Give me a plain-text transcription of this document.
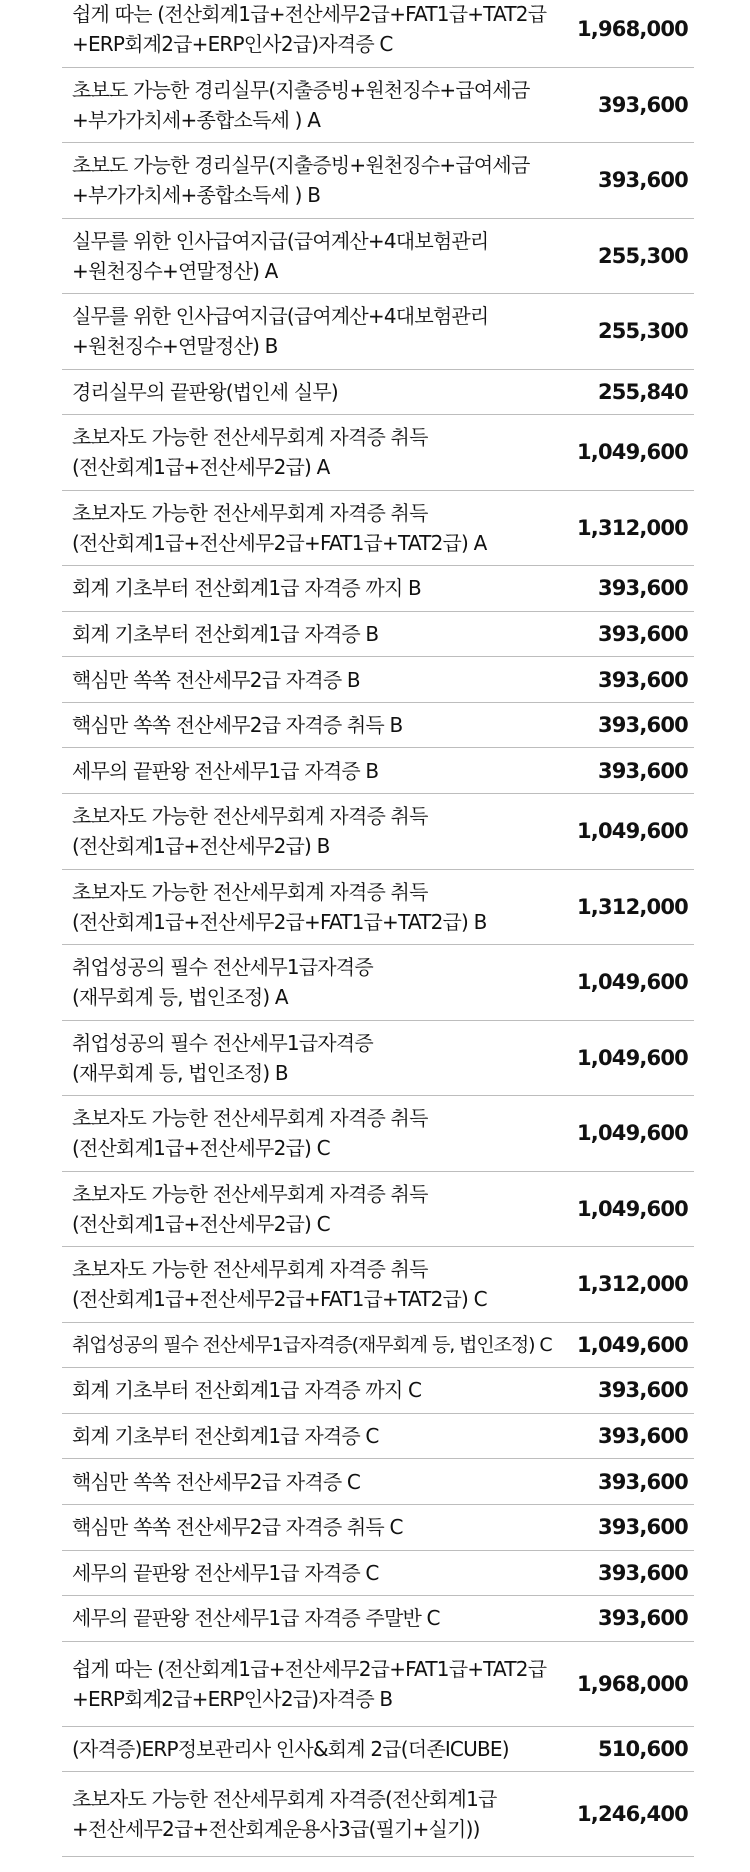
쉽게 따는 (전산회계1급+전산세무2급+FAT1급+TAT2급
+ERP회계2급+ERP인사2급)자격증 C
1,968,000
초보도 가능한 경리실무(지출증빙+원천징수+급여세금
+부가가치세+종합소득세 ) A
393,600
초보도 가능한 경리실무(지출증빙+원천징수+급여세금
+부가가치세+종합소득세 ) B
393,600
실무를 위한 인사급여지급(급여계산+4대보험관리
+원천징수+연말정산) A
255,300
실무를 위한 인사급여지급(급여계산+4대보험관리
+원천징수+연말정산) B
255,300
경리실무의 끝판왕(법인세 실무)	255,840
초보자도 가능한 전산세무회계 자격증 취득
(전산회계1급+전산세무2급) A
1,049,600
초보자도 가능한 전산세무회계 자격증 취득
(전산회계1급+전산세무2급+FAT1급+TAT2급) A
1,312,000
회계 기초부터 전산회계1급 자격증 까지 B	393,600
회계 기초부터 전산회계1급 자격증 B	393,600
핵심만 쏙쏙 전산세무2급 자격증 B	393,600
핵심만 쏙쏙 전산세무2급 자격증 취득 B	393,600
세무의 끝판왕 전산세무1급 자격증 B	393,600
초보자도 가능한 전산세무회계 자격증 취득
(전산회계1급+전산세무2급) B
1,049,600
초보자도 가능한 전산세무회계 자격증 취득
(전산회계1급+전산세무2급+FAT1급+TAT2급) B
1,312,000
취업성공의 필수 전산세무1급자격증
(재무회계 등, 법인조정) A
1,049,600
취업성공의 필수 전산세무1급자격증
(재무회계 등, 법인조정) B
1,049,600
초보자도 가능한 전산세무회계 자격증 취득
(전산회계1급+전산세무2급) C
1,049,600
초보자도 가능한 전산세무회계 자격증 취득
(전산회계1급+전산세무2급) C
1,049,600
초보자도 가능한 전산세무회계 자격증 취득
(전산회계1급+전산세무2급+FAT1급+TAT2급) C
1,312,000
취업성공의 필수 전산세무1급자격증(재무회계 등, 법인조정) C	1,049,600
회계 기초부터 전산회계1급 자격증 까지 C	393,600
회계 기초부터 전산회계1급 자격증 C	393,600
핵심만 쏙쏙 전산세무2급 자격증 C	393,600
핵심만 쏙쏙 전산세무2급 자격증 취득 C	393,600
세무의 끝판왕 전산세무1급 자격증 C	393,600
세무의 끝판왕 전산세무1급 자격증 주말반 C	393,600
쉽게 따는 (전산회계1급+전산세무2급+FAT1급+TAT2급
+ERP회계2급+ERP인사2급)자격증 B
1,968,000
(자격증)ERP정보관리사 인사&회계 2급(더존ICUBE)	510,600
초보자도 가능한 전산세무회계 자격증(전산회계1급
+전산세무2급+전산회계운용사3급(필기+실기))
1,246,400
